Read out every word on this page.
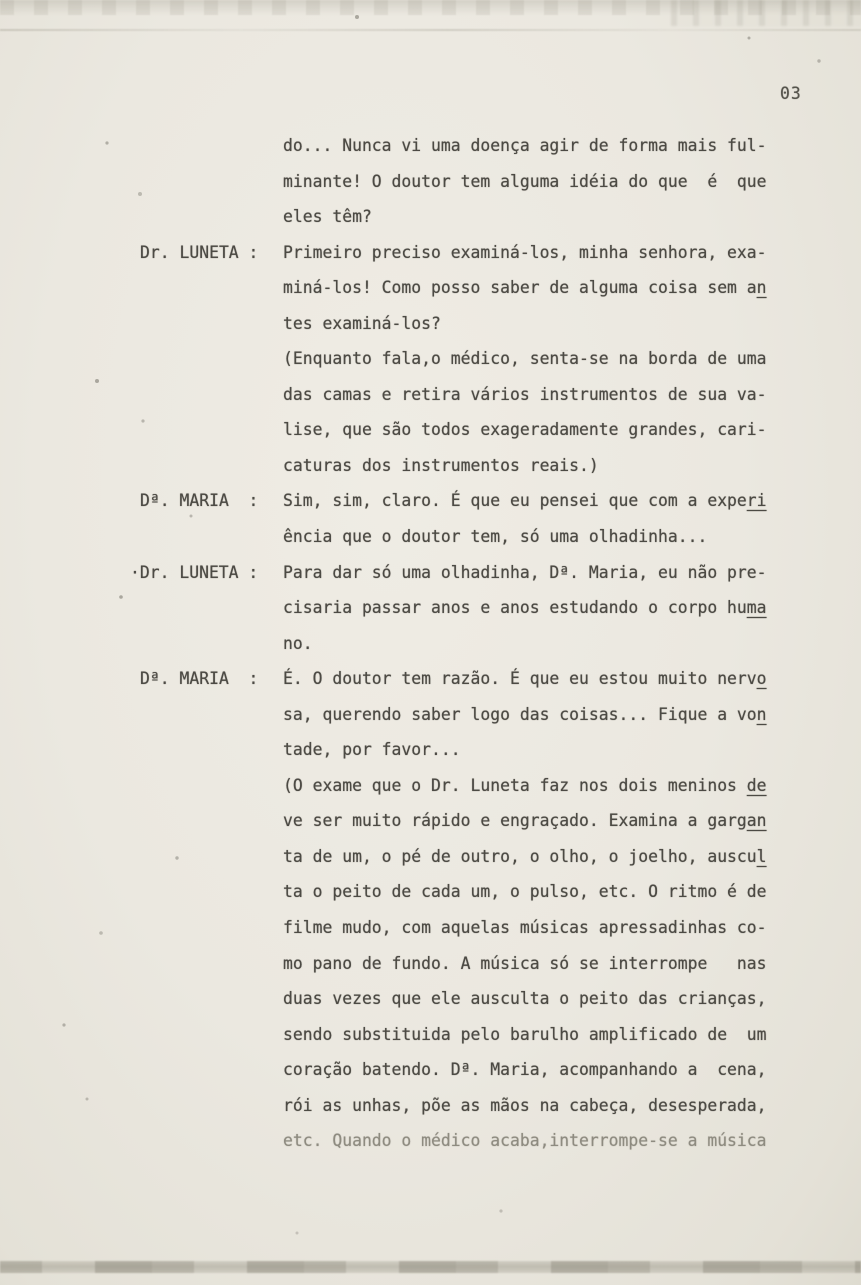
03
do... Nunca vi uma doença agir de forma mais ful-
minante! O doutor tem alguma idéia do que  é  que
eles têm?
Dr. LUNETA : Primeiro preciso examiná-los, minha senhora, exa-
miná-los! Como posso saber de alguma coisa sem an
tes examiná-los?
(Enquanto fala,o médico, senta-se na borda de uma
das camas e retira vários instrumentos de sua va-
lise, que são todos exageradamente grandes, cari-
caturas dos instrumentos reais.)
Dª. MARIA  : Sim, sim, claro. É que eu pensei que com a experi
ência que o doutor tem, só uma olhadinha...
·Dr. LUNETA : Para dar só uma olhadinha, Dª. Maria, eu não pre-
cisaria passar anos e anos estudando o corpo huma
no.
Dª. MARIA  : É. O doutor tem razão. É que eu estou muito nervo
sa, querendo saber logo das coisas... Fique a von
tade, por favor...
(O exame que o Dr. Luneta faz nos dois meninos de
ve ser muito rápido e engraçado. Examina a gargan
ta de um, o pé de outro, o olho, o joelho, auscul
ta o peito de cada um, o pulso, etc. O ritmo é de
filme mudo, com aquelas músicas apressadinhas co-
mo pano de fundo. A música só se interrompe   nas
duas vezes que ele ausculta o peito das crianças,
sendo substituida pelo barulho amplificado de  um
coração batendo. Dª. Maria, acompanhando a  cena,
rói as unhas, põe as mãos na cabeça, desesperada,
etc. Quando o médico acaba,interrompe-se a música
